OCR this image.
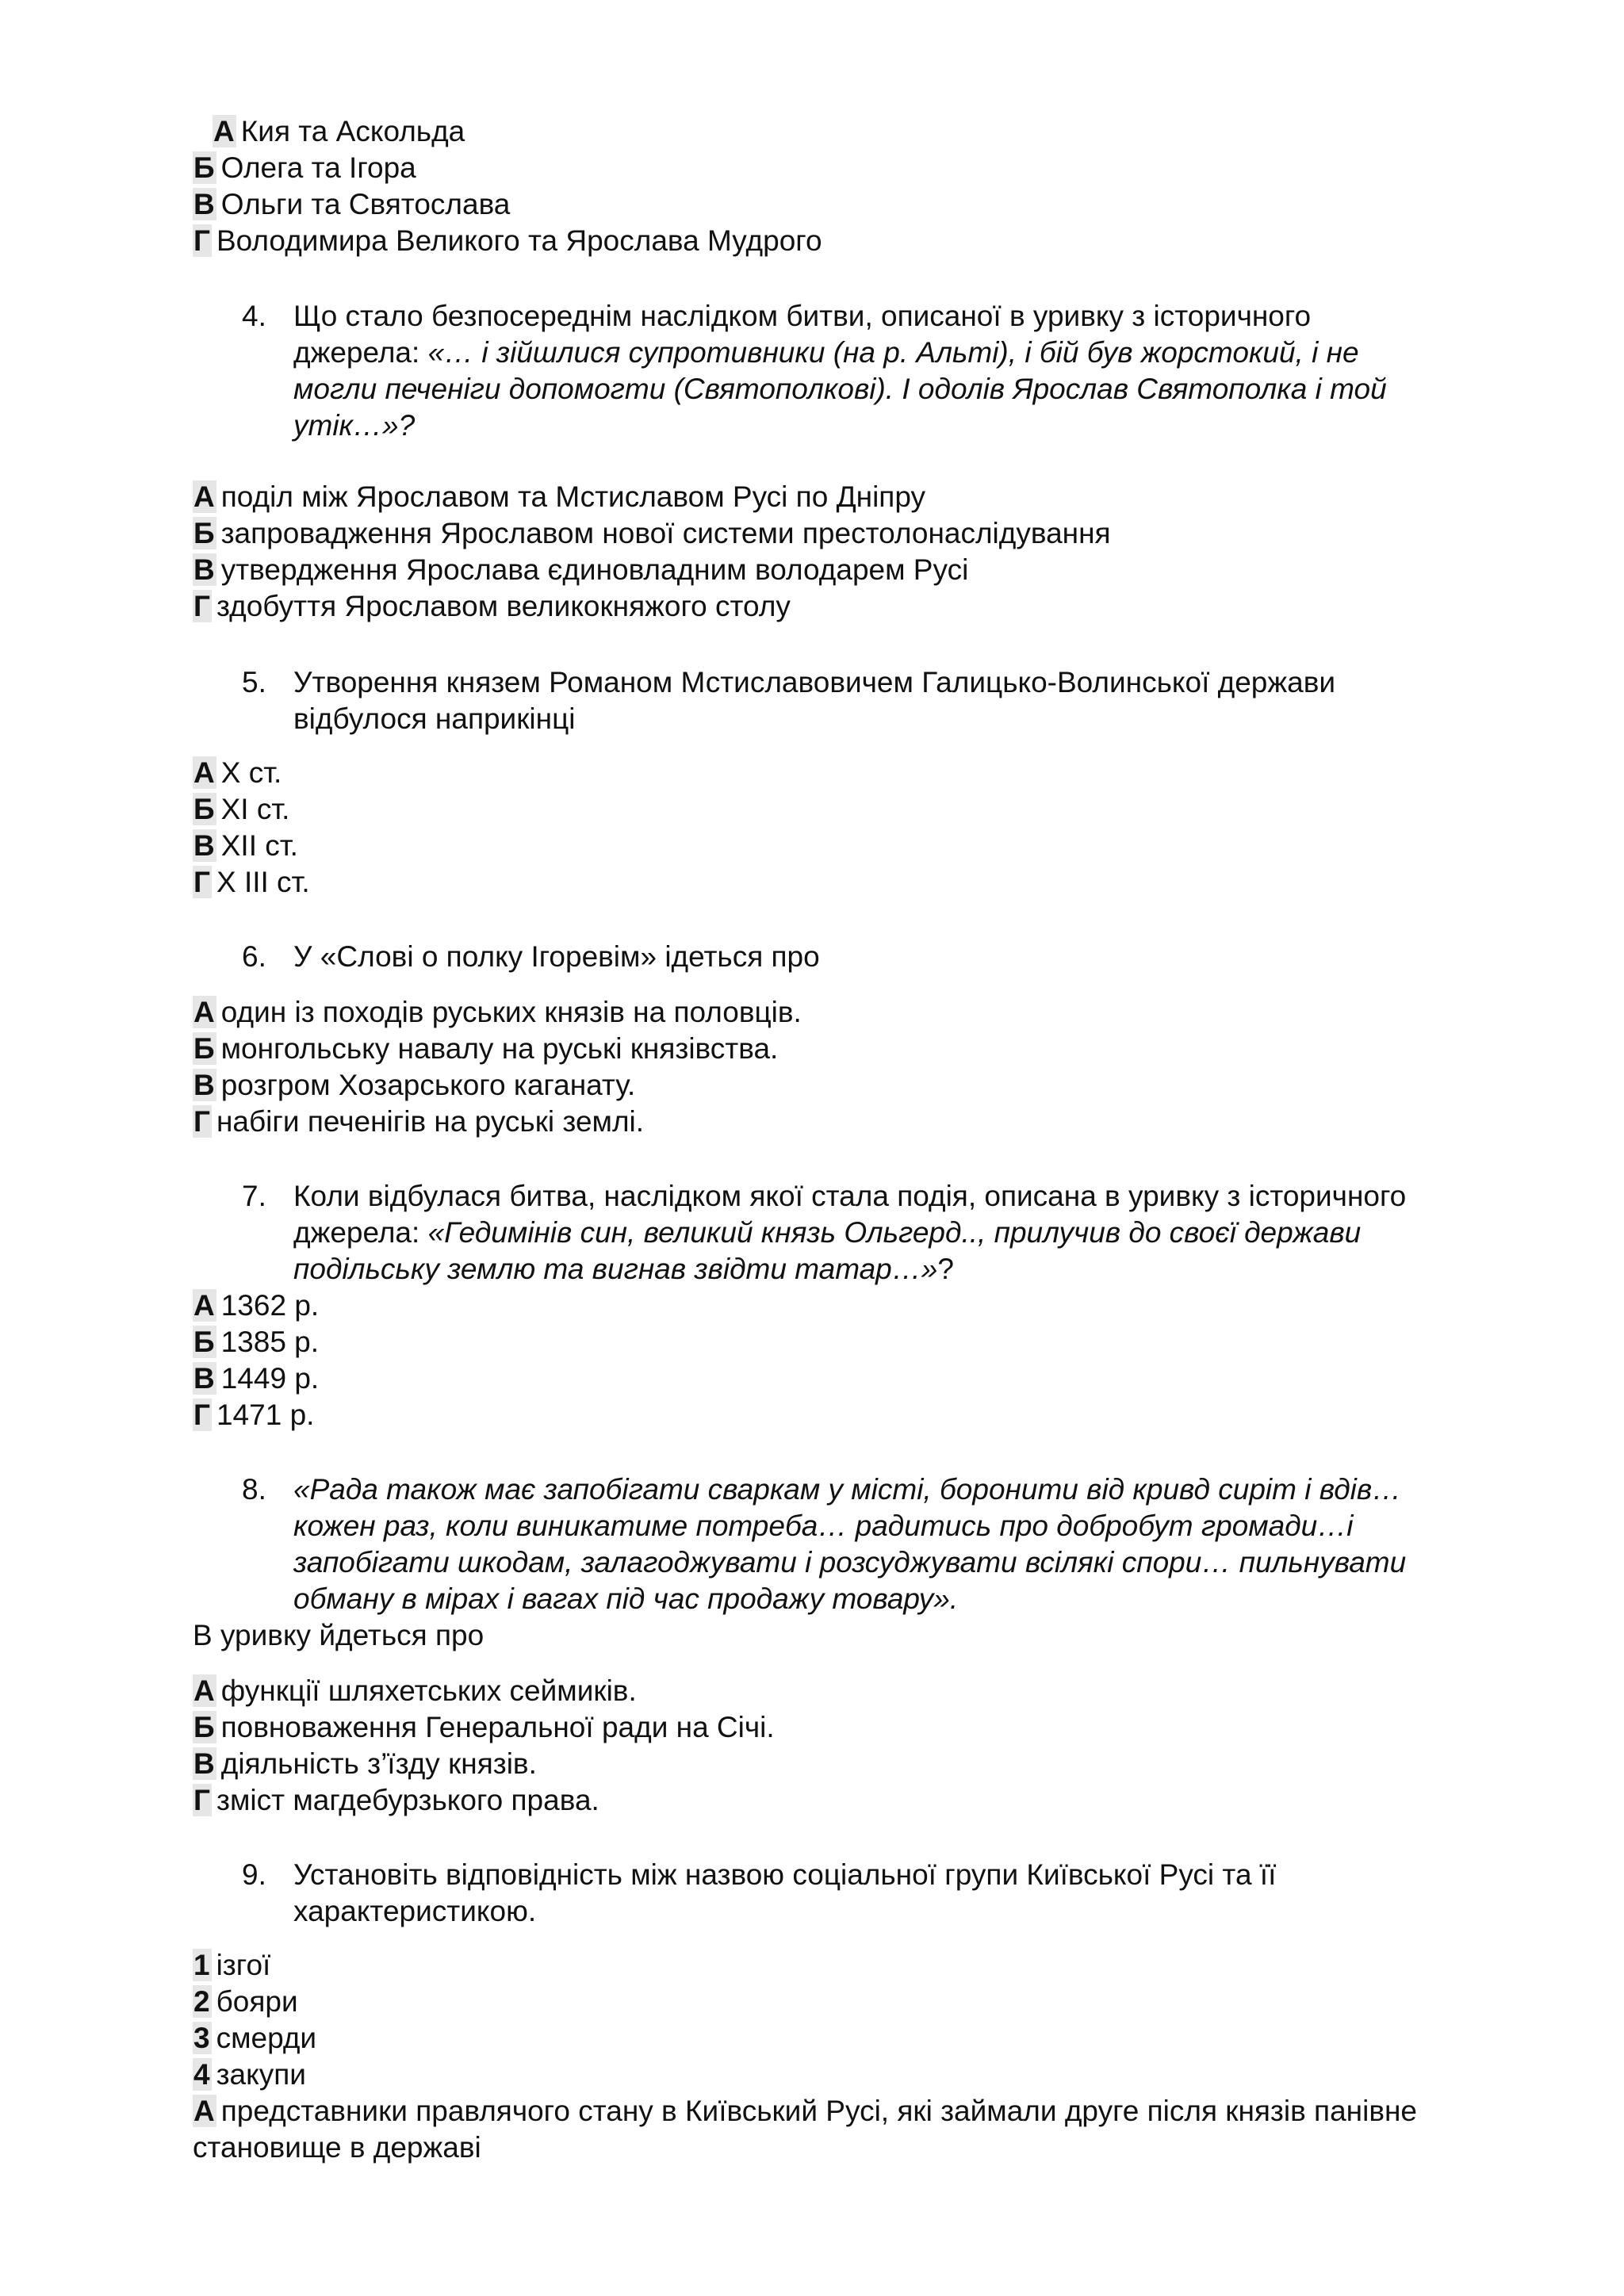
А Кия та Аскольда
Б Олега та Ігора
В Ольги та Святослава
Г Володимира Великого та Ярослава Мудрого
4. Що стало безпосереднім наслідком битви, описаної в уривку з історичного
джерела: «… і зійшлися супротивники (на р. Альті), і бій був жорстокий, і не
могли печеніги допомогти (Святополкові). І одолів Ярослав Святополка і той
утік…»?
А поділ між Ярославом та Мстиславом Русі по Дніпру
Б запровадження Ярославом нової системи престолонаслідування
В утвердження Ярослава єдиновладним володарем Русі
Г здобуття Ярославом великокняжого столу
5. Утворення князем Романом Мстиславовичем Галицько-Волинської держави
відбулося наприкінці
А X ст.
Б XI ст.
В XII ст.
Г X III ст.
6. У «Слові о полку Ігоревім» ідеться про
А один із походів руських князів на половців.
Б монгольську навалу на руські князівства.
В розгром Хозарського каганату.
Г набіги печенігів на руські землі.
7. Коли відбулася битва, наслідком якої стала подія, описана в уривку з історичного
джерела: «Гедимінів син, великий князь Ольгерд.., прилучив до своєї держави
подільську землю та вигнав звідти татар…»?
А 1362 р.
Б 1385 р.
В 1449 р.
Г 1471 р.
8. «Рада також має запобігати сваркам у місті, боронити від кривд сиріт і вдів…
кожен раз, коли виникатиме потреба… радитись про добробут громади…і
запобігати шкодам, залагоджувати і розсуджувати всілякі спори… пильнувати
обману в мірах і вагах під час продажу товару».
В уривку йдеться про
А функції шляхетських сеймиків.
Б повноваження Генеральної ради на Січі.
В діяльність з’їзду князів.
Г зміст магдебурзького права.
9. Установіть відповідність між назвою соціальної групи Київської Русі та її
характеристикою.
1 ізгої
2 бояри
3 смерди
4 закупи
А представники правлячого стану в Київський Русі, які займали друге після князів панівне
становище в державі
